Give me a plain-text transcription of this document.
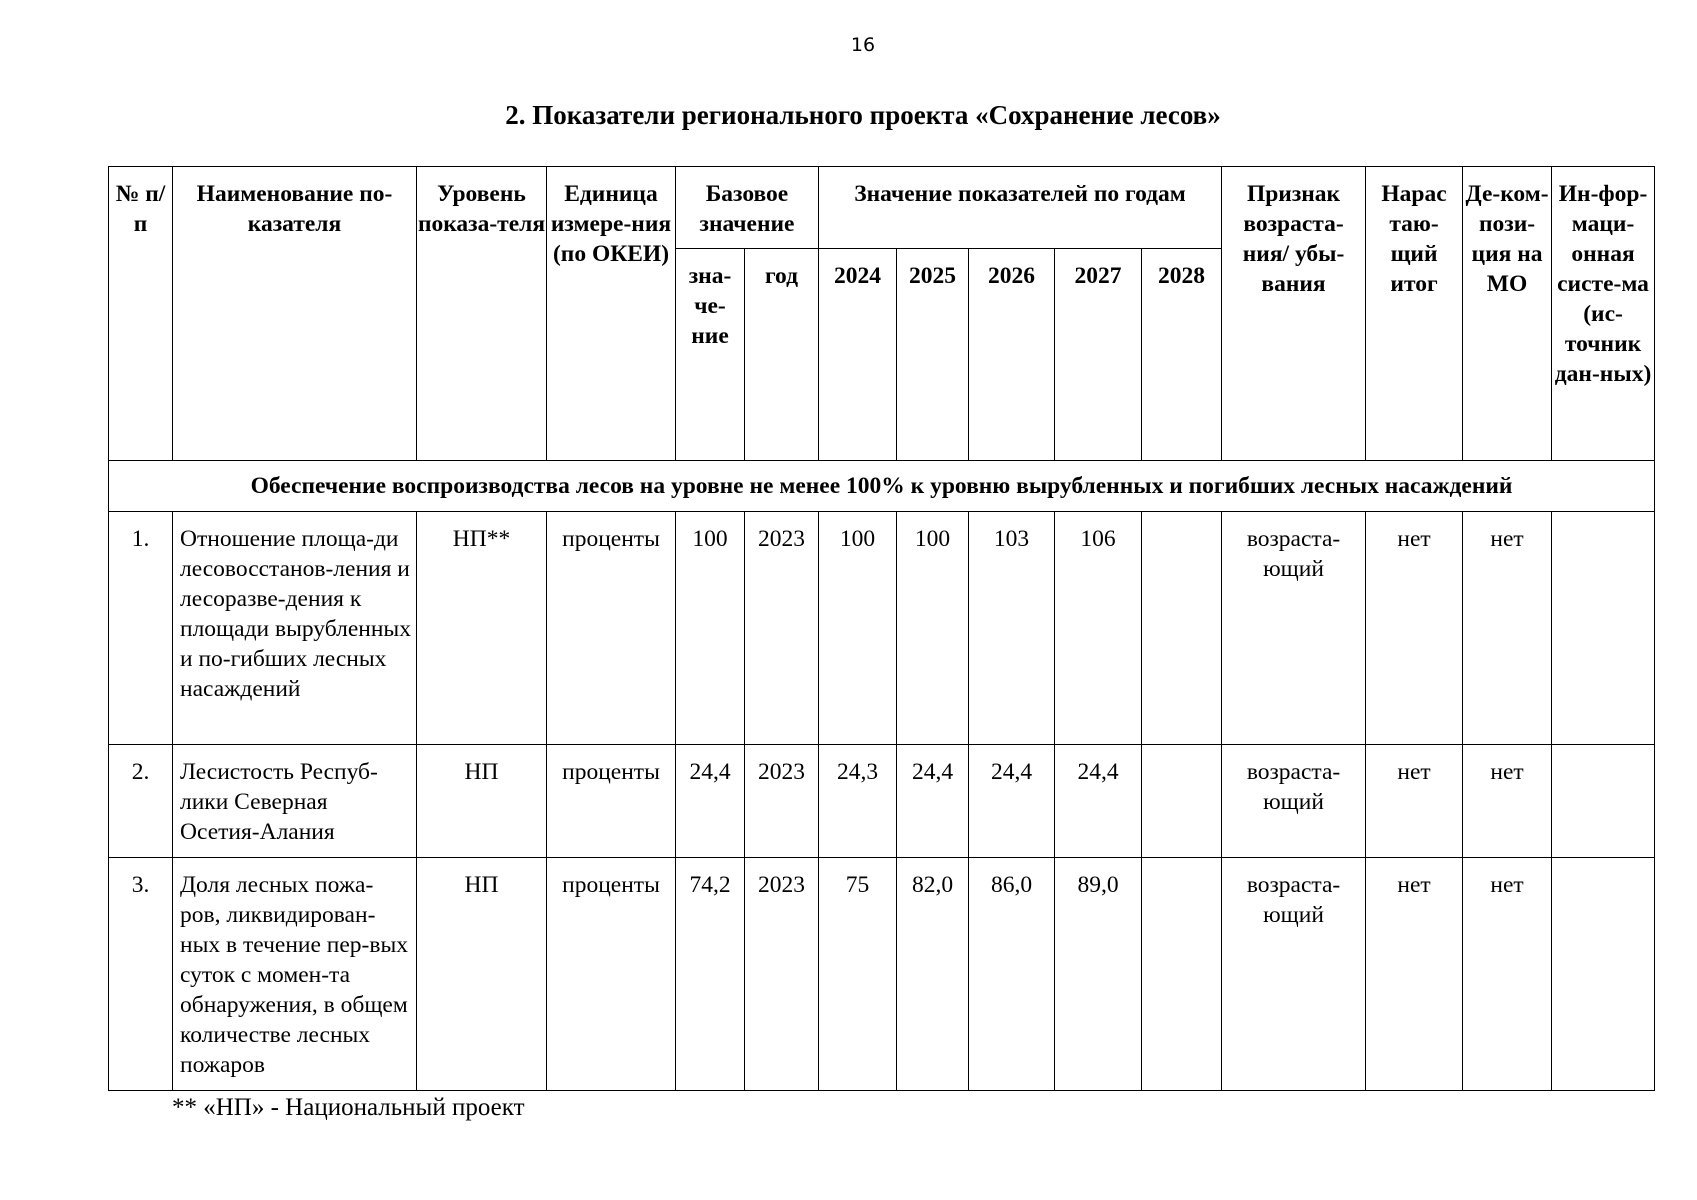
16
2. Показатели регионального проекта «Сохранение лесов»
№ п/п	Наименование по-казателя	Уровень показа-теля	Единица измере-ния (по ОКЕИ)	Базовое значение		Значение показателей по годам					Признак возраста-ния/ убы-вания	Нарас таю-щий итог	Де-ком-пози-ция на МО	Ин-фор-маци-онная систе-ма (ис-точник дан-ных)
				зна-че-ние	год	2024	2025	2026	2027	2028				
Обеспечение воспроизводства лесов на уровне не менее 100% к уровню вырубленных и погибших лесных насаждений														
1.	Отношение площа-ди лесовосстанов-ления и лесоразве-дения к площади вырубленных и по-гибших лесных насаждений	НП**	проценты	100	2023	100	100	103	106		возраста-ющий	нет	нет	
2.	Лесистость Респуб-лики Северная Осетия-Алания	НП	проценты	24,4	2023	24,3	24,4	24,4	24,4		возраста-ющий	нет	нет	
3.	Доля лесных пожа-ров, ликвидирован-ных в течение пер-вых суток с момен-та обнаружения, в общем количестве лесных пожаров	НП	проценты	74,2	2023	75	82,0	86,0	89,0		возраста-ющий	нет	нет	

** «НП» - Национальный проект
